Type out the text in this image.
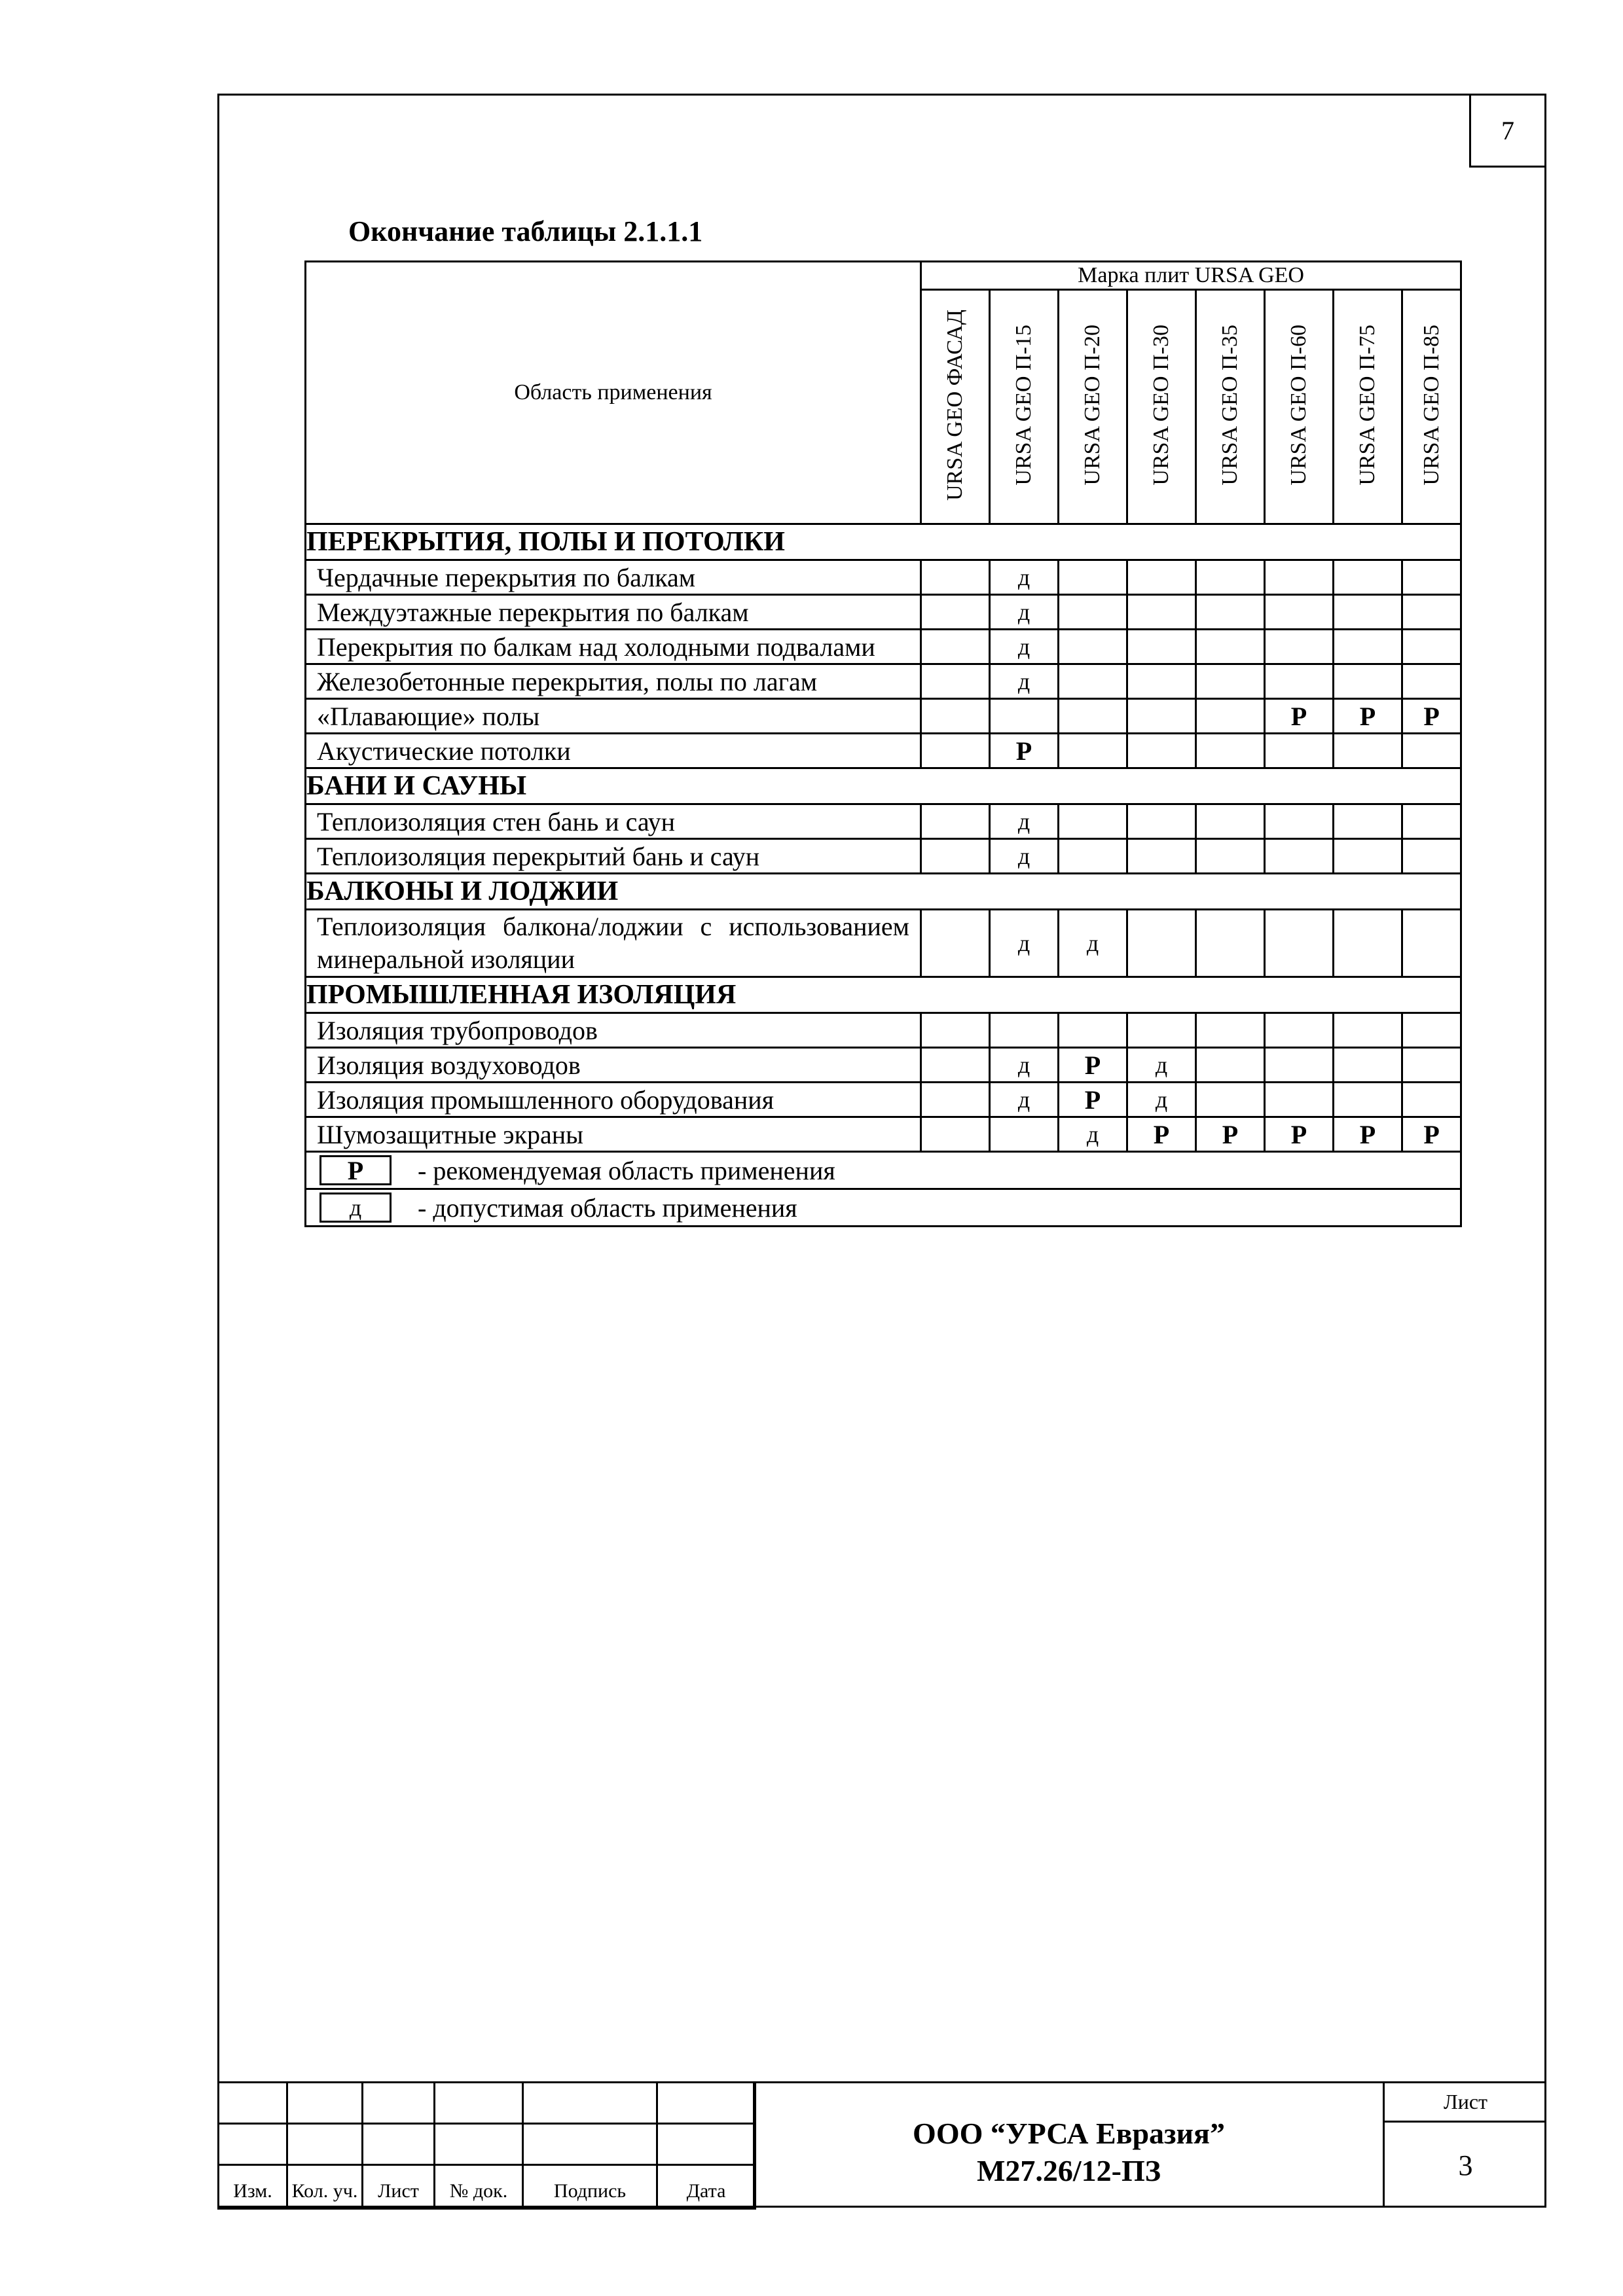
7
Окончание таблицы 2.1.1.1
Область применения	Марка плит URSA GEO							
	URSA GEO ФАСАД	URSA GEO П-15	URSA GEO П-20	URSA GEO П-30	URSA GEO П-35	URSA GEO П-60	URSA GEO П-75	URSA GEO П-85
ПЕРЕКРЫТИЯ, ПОЛЫ И ПОТОЛКИ								
Чердачные перекрытия по балкам		д						
Междуэтажные перекрытия по балкам		д						
Перекрытия по балкам над холодными подвалами		д						
Железобетонные перекрытия, полы по лагам		д						
«Плавающие» полы						Р	Р	Р
Акустические потолки		Р						
БАНИ И САУНЫ								
Теплоизоляция стен бань и саун		д						
Теплоизоляция перекрытий бань и саун		д						
БАЛКОНЫ И ЛОДЖИИ								
Теплоизоляция балкона/лоджии с использованием минеральной изоляции		д	д					
ПРОМЫШЛЕННАЯ ИЗОЛЯЦИЯ								
Изоляция трубопроводов								
Изоляция воздуховодов		д	Р	д				
Изоляция промышленного оборудования		д	Р	д				
Шумозащитные экраны			д	Р	Р	Р	Р	Р

Р - рекомендуемая область применения								

д - допустимая область применения								

Изм.	Кол. уч.	Лист	№ док.	Подпись	Дата
ООО “УРСА Евразия”
М27.26/12-ПЗ
Лист
3
